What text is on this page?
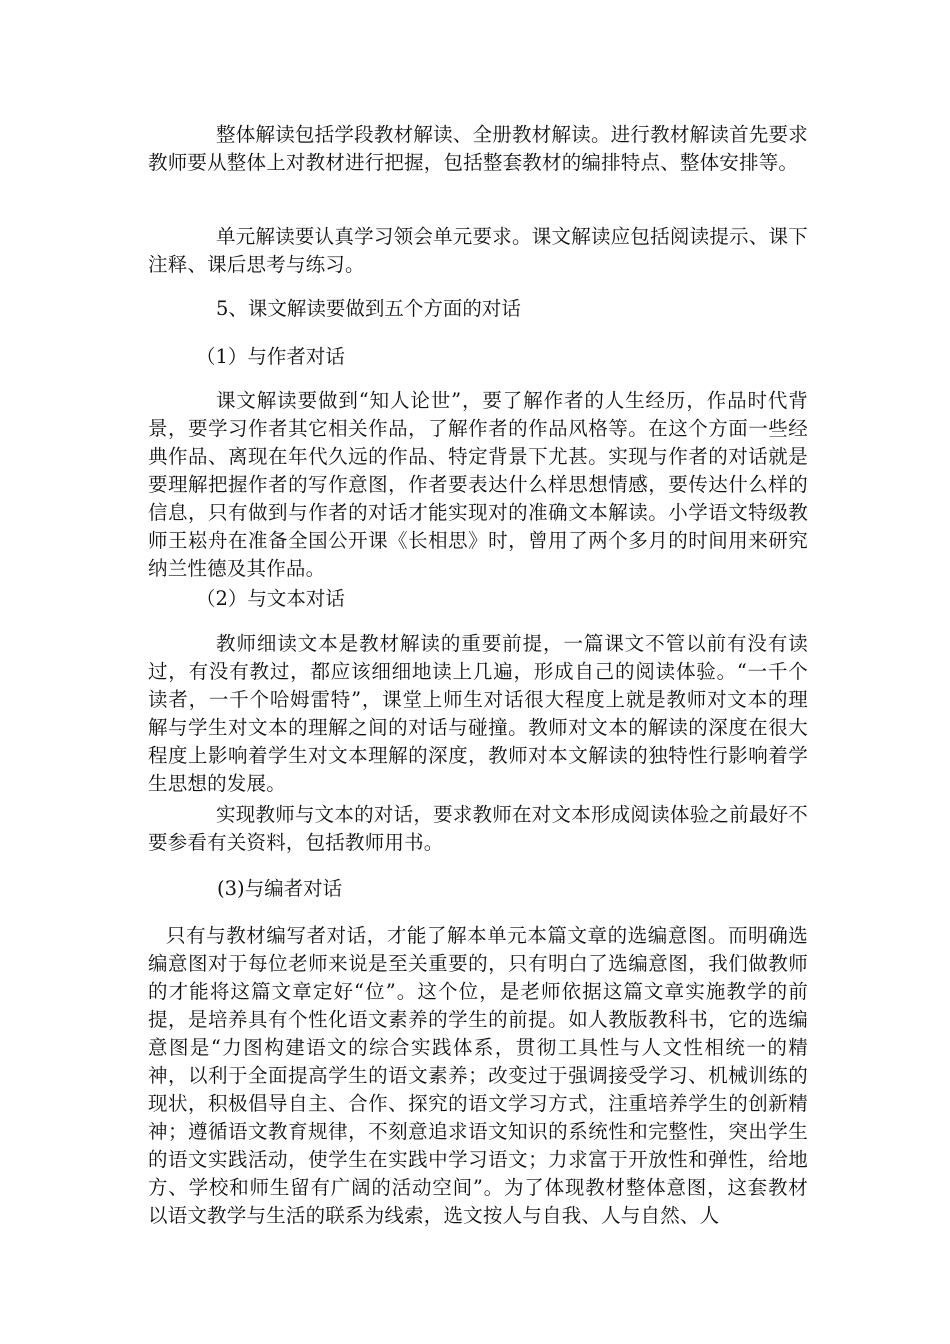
整体解读包括学段教材解读、全册教材解读。进行教材解读首先要求教师要从整体上对教材进行把握，包括整套教材的编排特点、整体安排等。

单元解读要认真学习领会单元要求。课文解读应包括阅读提示、课下注释、课后思考与练习。

5、课文解读要做到五个方面的对话

（1）与作者对话

课文解读要做到“知人论世”，要了解作者的人生经历，作品时代背景，要学习作者其它相关作品，了解作者的作品风格等。在这个方面一些经典作品、离现在年代久远的作品、特定背景下尤甚。实现与作者的对话就是要理解把握作者的写作意图，作者要表达什么样思想情感，要传达什么样的信息，只有做到与作者的对话才能实现对的准确文本解读。小学语文特级教师王崧舟在准备全国公开课《长相思》时，曾用了两个多月的时间用来研究纳兰性德及其作品。

（2）与文本对话

教师细读文本是教材解读的重要前提，一篇课文不管以前有没有读过，有没有教过，都应该细细地读上几遍，形成自己的阅读体验。“一千个读者，一千个哈姆雷特”，课堂上师生对话很大程度上就是教师对文本的理解与学生对文本的理解之间的对话与碰撞。教师对文本的解读的深度在很大程度上影响着学生对文本理解的深度，教师对本文解读的独特性行影响着学生思想的发展。

实现教师与文本的对话，要求教师在对文本形成阅读体验之前最好不要参看有关资料，包括教师用书。

(3)与编者对话

只有与教材编写者对话，才能了解本单元本篇文章的选编意图。而明确选编意图对于每位老师来说是至关重要的，只有明白了选编意图，我们做教师的才能将这篇文章定好“位”。这个位，是老师依据这篇文章实施教学的前提，是培养具有个性化语文素养的学生的前提。如人教版教科书，它的选编意图是“力图构建语文的综合实践体系，贯彻工具性与人文性相统一的精神，以利于全面提高学生的语文素养；改变过于强调接受学习、机械训练的现状，积极倡导自主、合作、探究的语文学习方式，注重培养学生的创新精神；遵循语文教育规律，不刻意追求语文知识的系统性和完整性，突出学生的语文实践活动，使学生在实践中学习语文；力求富于开放性和弹性，给地方、学校和师生留有广阔的活动空间”。为了体现教材整体意图，这套教材以语文教学与生活的联系为线索，选文按人与自我、人与自然、人
